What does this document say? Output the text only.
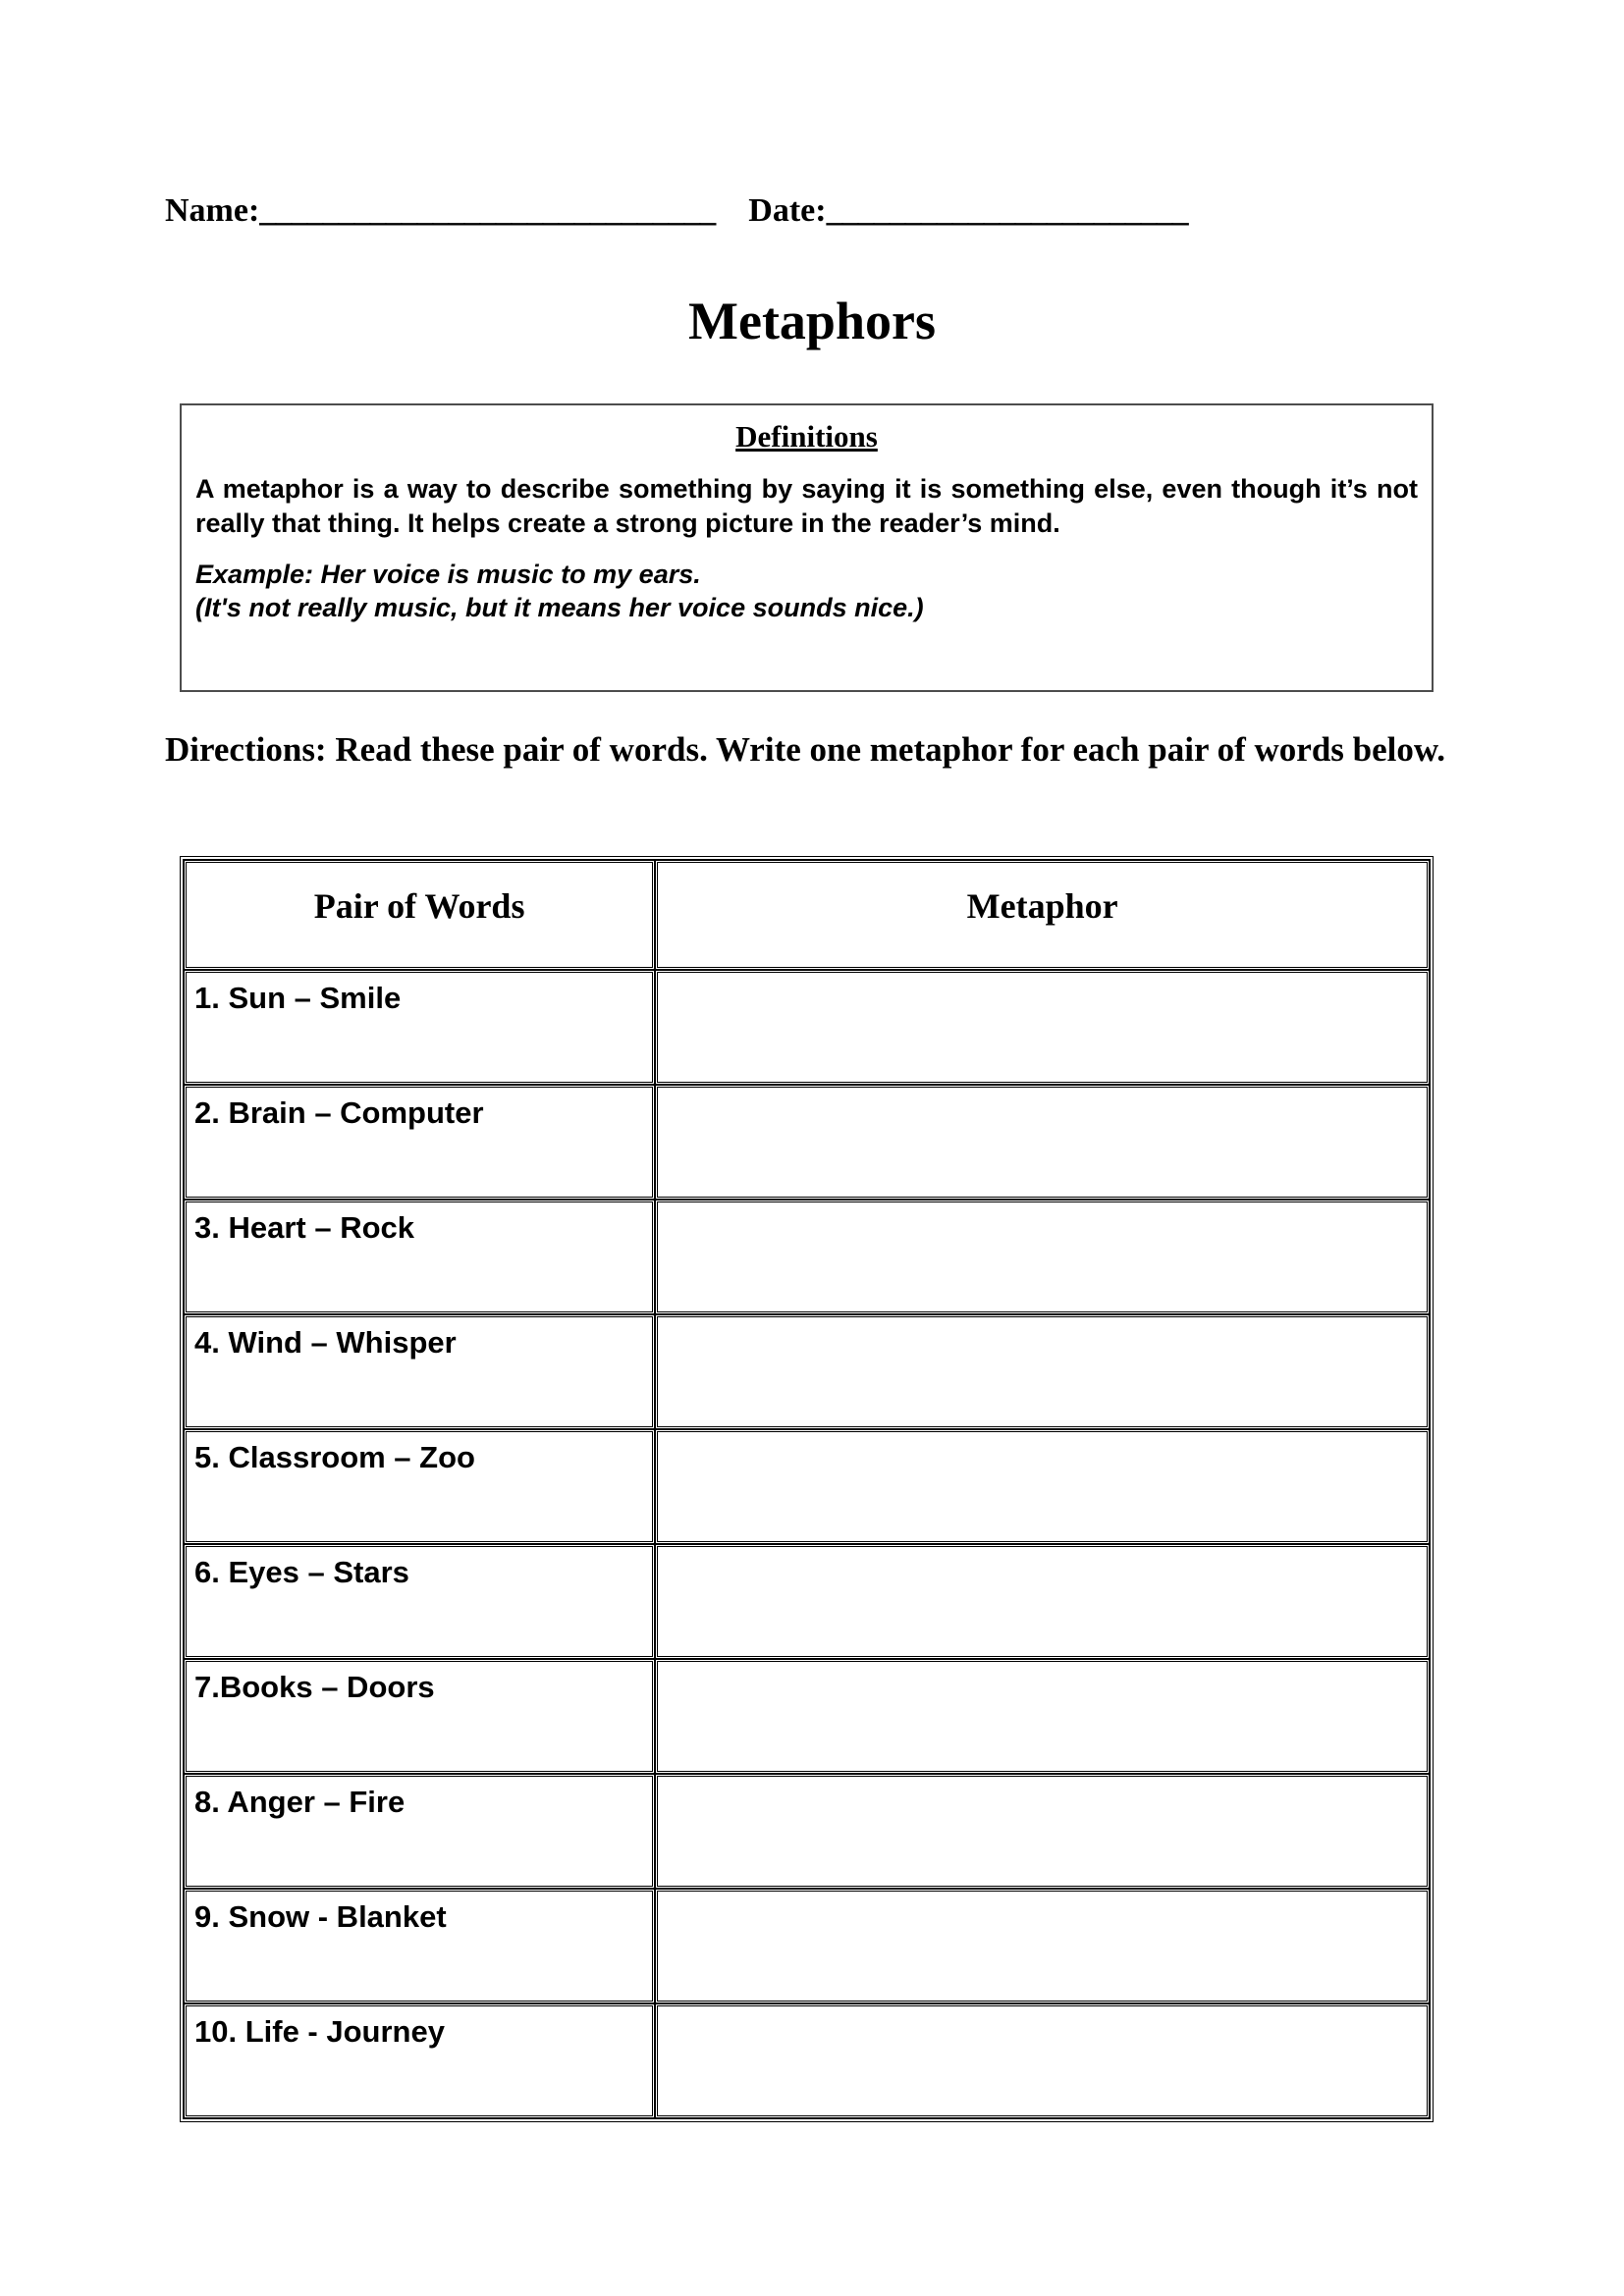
Name:_____________________________ Date:_______________________
Metaphors
Definitions
A metaphor is a way to describe something by saying it is something else, even though it’s not really that thing. It helps create a strong picture in the reader’s mind.
Example: Her voice is music to my ears.
(It's not really music, but it means her voice sounds nice.)
Directions: Read these pair of words. Write one metaphor for each pair of words below.
Pair of Words	Metaphor

1. Sun – Smile	

2. Brain – Computer	

3. Heart – Rock	

4. Wind – Whisper	

5. Classroom – Zoo	

6. Eyes – Stars	

7.Books – Doors	

8. Anger – Fire	

9. Snow - Blanket	

10. Life - Journey	
